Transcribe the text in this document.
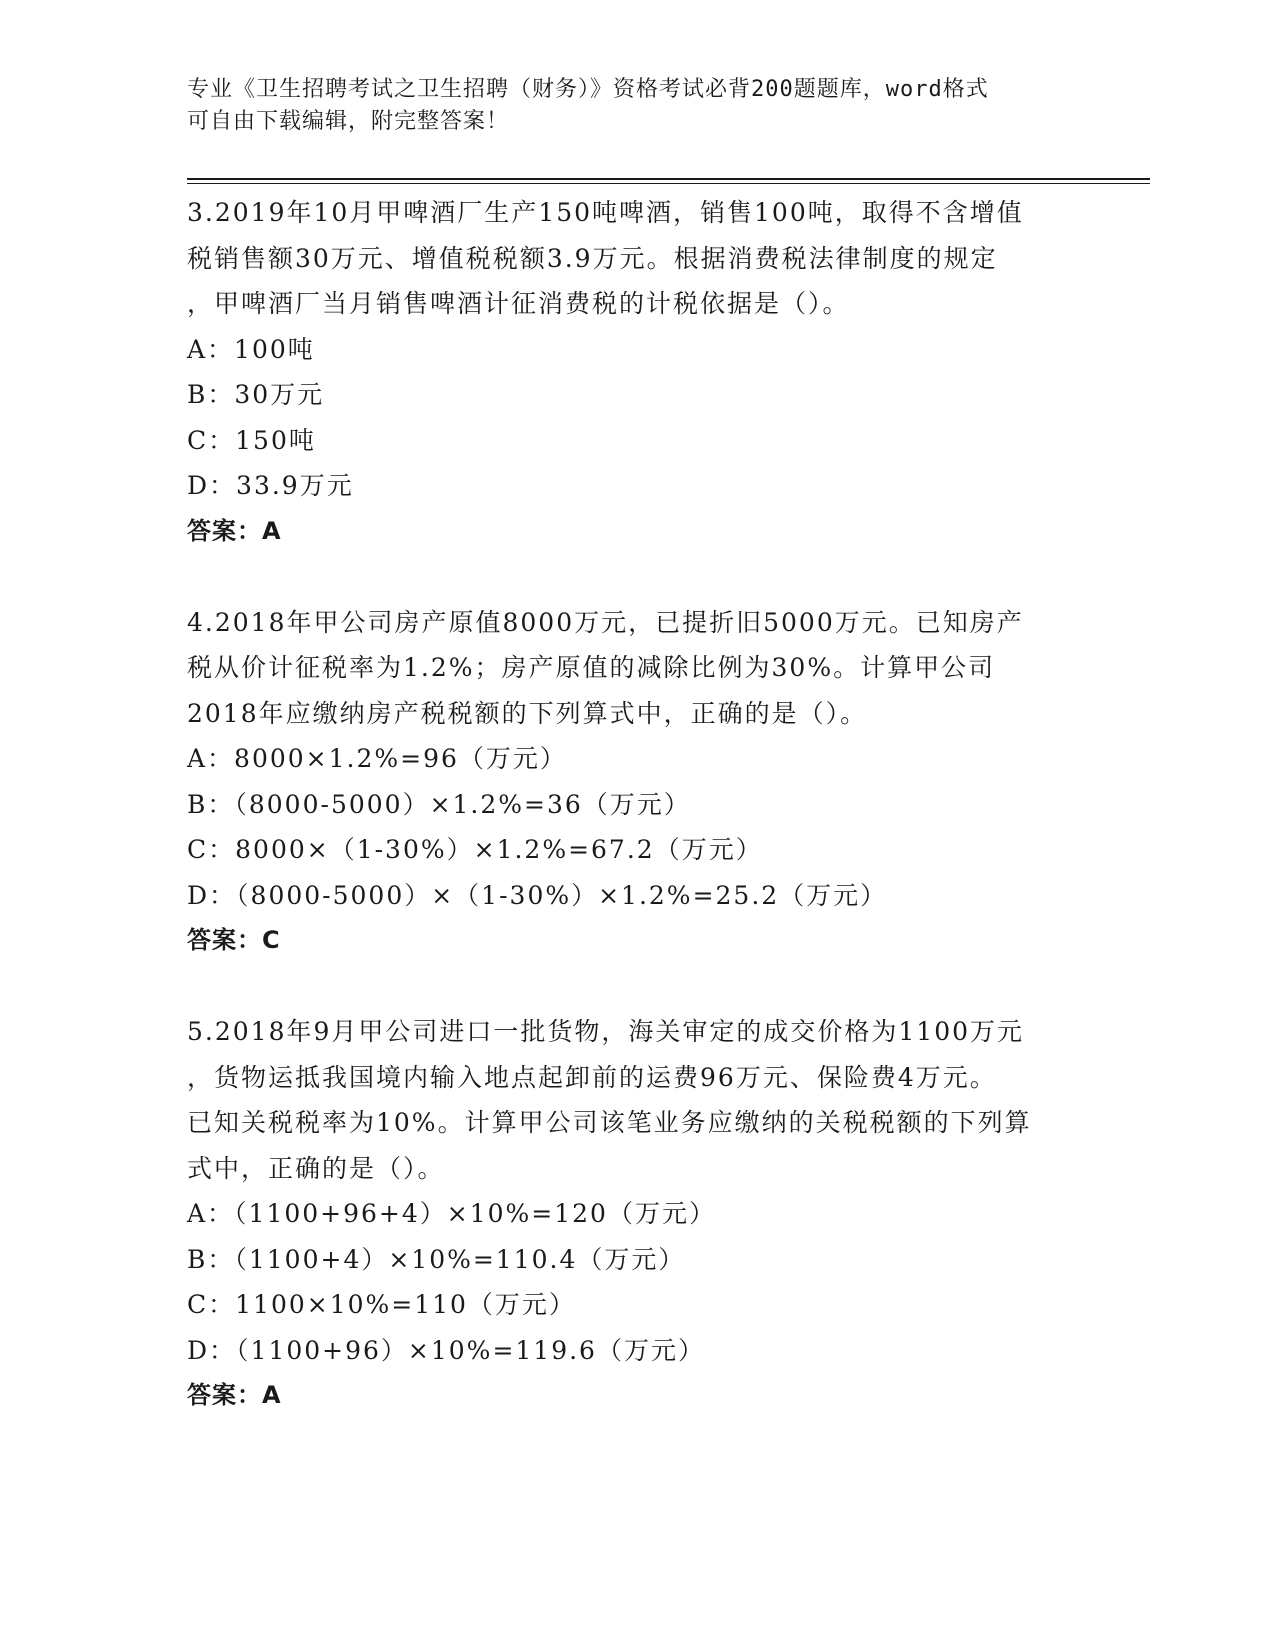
专业《卫生招聘考试之卫生招聘（财务）》资格考试必背200题题库，word格式
可自由下载编辑，附完整答案！
3.2019年10月甲啤酒厂生产150吨啤酒，销售100吨，取得不含增值
税销售额30万元、增值税税额3.9万元。根据消费税法律制度的规定
，甲啤酒厂当月销售啤酒计征消费税的计税依据是（）。
A：100吨
B：30万元
C：150吨
D：33.9万元
答案：A
4.2018年甲公司房产原值8000万元，已提折旧5000万元。已知房产
税从价计征税率为1.2%；房产原值的减除比例为30%。计算甲公司
2018年应缴纳房产税税额的下列算式中，正确的是（）。
A：8000×1.2%=96（万元）
B：（8000-5000）×1.2%=36（万元）
C：8000×（1-30%）×1.2%=67.2（万元）
D：（8000-5000）×（1-30%）×1.2%=25.2（万元）
答案：C
5.2018年9月甲公司进口一批货物，海关审定的成交价格为1100万元
，货物运抵我国境内输入地点起卸前的运费96万元、保险费4万元。
已知关税税率为10%。计算甲公司该笔业务应缴纳的关税税额的下列算
式中，正确的是（）。
A：（1100+96+4）×10%=120（万元）
B：（1100+4）×10%=110.4（万元）
C：1100×10%=110（万元）
D：（1100+96）×10%=119.6（万元）
答案：A
